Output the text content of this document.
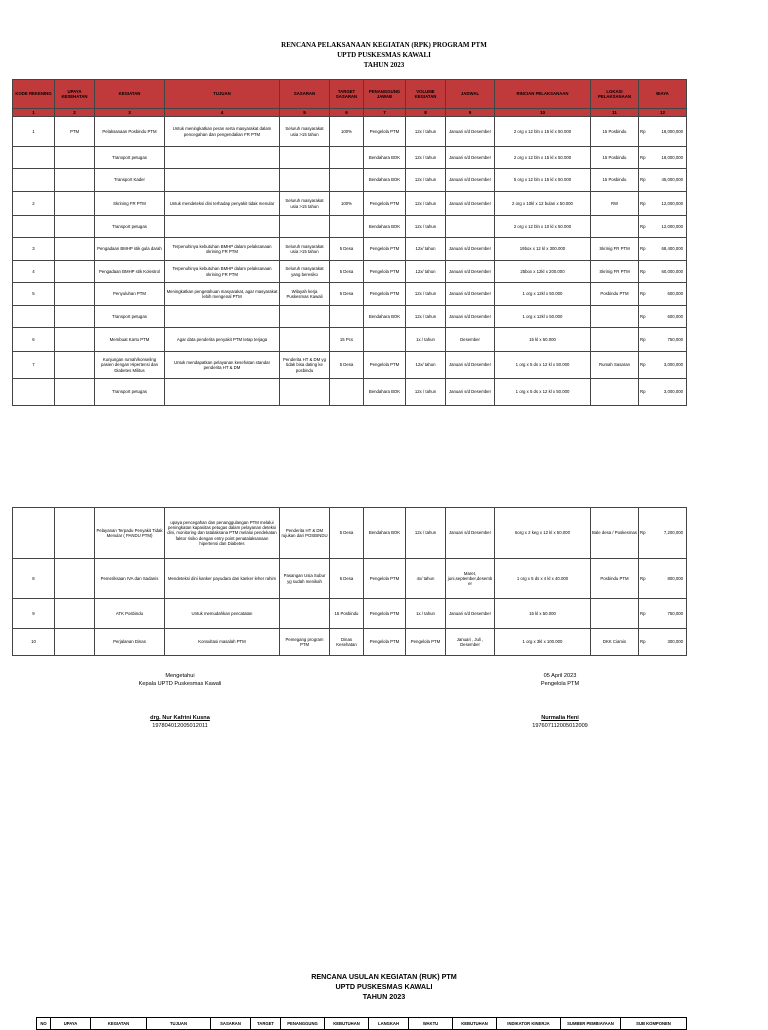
RENCANA PELAKSANAAN KEGIATAN (RPK) PROGRAM PTM
UPTD PUSKESMAS KAWALI
TAHUN 2023
KODE REKENING	UPAYA KESEHATAN	KEGIATAN	TUJUAN	SASARAN	TARGET SASARAN	PENANGGUNG JAWAB	VOLUME KEGIATAN	JADWAL	RINCIAN PELAKSANAAN	LOKASI PELAKSANAAN	BIAYA	
1	2	3	4	5	6	7	8	9	10	11	12	
1	PTM	Pelaksanaan Posbindu PTM	Untuk meningkatkan peran serta masyarakat dalam pencegahan dan pengendalian FR PTM	Seluruh masyarakat usia >15 tahun	100%	Pengelola PTM	12x / tahun	Januari s/d Desember	2 org x 12 bln x 15 kl x 50.000	15 Posbindu	Rp	18,000,000
		Transport petugas				Bendahara BOK	12x / tahun	Januari s/d Desember	2 org x 12 bln x 15 kl x 50.000	15 Posbindu	Rp	18,000,000
		Transport Kader				Bendahara BOK	12x / tahun	Januari s/d Desember	5 org x 12 bln x 15 kl x 50.000	15 Posbindu	Rp	45,000,000
2		Skrining FR PTM	Untuk mendeteksi dini terhadap penyakit tidak menular	Seluruh masyarakat usia >15 tahun	100%	Pengelola PTM	12x / tahun	Januari s/d Desember	2 org x 10kl x 12 bulan x 50.000	RW	Rp	12,000,000
		Transport petugas				Bendahara BOK	12x / tahun		2 org x 12 bln x 10 kl x 50.000		Rp	12,000,000
3		Pengadaan BMHP stik gula darah	Terpenuhinya kebutuhan BMHP dalam pelaksanaan skrining FR PTM	Seluruh masyarakat usia >15 tahun	5 Desa	Pengelola PTM	12x/ tahun	Januari s/d Desember	19box x 12 kl x 300.000	Skrinig FR PTM	Rp	68,400,000
4		Pengadaan BMHP stik Kolestrol	Terpenuhinya kebutuhan BMHP dalam pelaksanaan skrining FR PTM	Seluruh masyarakat yang beresiko	5 Desa	Pengelola PTM	12x/ tahun	Januari s/d Desember	25box x 12kl x 200.000	Skrinig FR PTM	Rp	60,000,000
5		Penyuluhan PTM	Meningkatkan pengetahuan masyarakat, agar masyarakat lebih mengenal PTM	Wilayah kerja Puskesmas Kawali	5 Desa	Pengelola PTM	12x / tahun	Januari s/d Desember	1 org x 12kl x 50.000	Posbindu PTM	Rp	600,000
		Transport petugas				Bendahara BOK	12x / tahun	Januari s/d Desember	1 org x 12kl x 50.000		Rp	600,000
6		Membuat Kartu PTM	Agar data penderita penyakit PTM tetap terjaga		15 Pcs		1x / tahun	Desember	15 kl x 50.000		Rp	750,000
7		Kunjungan rumah/konseling pasien dengan Hipertensi dan Diabetes Militus	Untuk mendapatkan pelayanan kesehatan standar penderita HT & DM	Penderita HT & DM yg tidak bisa dating ke posbindu	5 Desa	Pengelola PTM	12x/ tahun	Januari s/d Desember	1 org x 5 ds x 12 kl x 50.000	Rumah Sasaran	Rp	3,000,000
		Transport petugas				Bendahara BOK	12x / tahun	Januari s/d Desember	1 org x 5 ds x 12 kl x 50.000		Rp	3,000,000
		Pelayanan Terpadu Penyakit Tidak Menular ( PANDU PTM)	upaya pencegahan dan penanggulangan PTM melalui peningkatan kapasitas petugas dalam pelayanan deteksi dini, monitoring dan tatalaksana PTM melalui pendekatan faktor risiko dengan entry point penatalaksanaan hipertensi dan Diabetes	Penderita HT & DM rujukan dari POSBINDU	5 Desa	Bendahara BOK	12x / tahun	Januari s/d Desember	6org x 2 keg x 12 kl x 50.000	Bale desa / Puskesmas	Rp	7,200,000
8		Pemeriksaan IVA dan Sadanis	Mendeteksi dini kanker payudara dan kanker leher rahim	Pasangan Usia Subur yg sudah menikah	5 Desa	Pengelola PTM	4x/ tahun	Maret, juni,september,desemb er	1 org x 5 ds x 4 kl x 40.000	Posbindu PTM	Rp	800,000
9		ATK Posbindu	Untuk memudahkan pencatatan		15 Posbindu	Pengelola PTM	1x / tahun	Januari s/d Desember	15 kl x 50.000		Rp	750,000
10		Perjalanan Dinas	Konsultasi masalah PTM	Pemegang program PTM	Dinas Kesehatan	Pengelola PTM	Pengelola PTM	Januari , Juli , Desember	1 org x 3kl x 100.000	DKK Ciamis	Rp	300,000
Mengetahui
Kepala UPTD Puskesmas Kawali
drg. Nur Kafrini Kusna
197804012005012011
05 April 2023
Pengelola PTM
Nurmalia Heni
197607112005012009
RENCANA USULAN KEGIATAN (RUK) PTM
UPTD PUSKESMAS KAWALI
TAHUN 2023
NO	UPAYA	KEGIATAN	TUJUAN	SASARAN	TARGET	PENANGGUNG	KEBUTUHAN	LANGKAH	WAKTU	KEBUTUHAN	INDIKATOR KINERJA	SUMBER PEMBIAYAAN	SUB KOMPONEN
